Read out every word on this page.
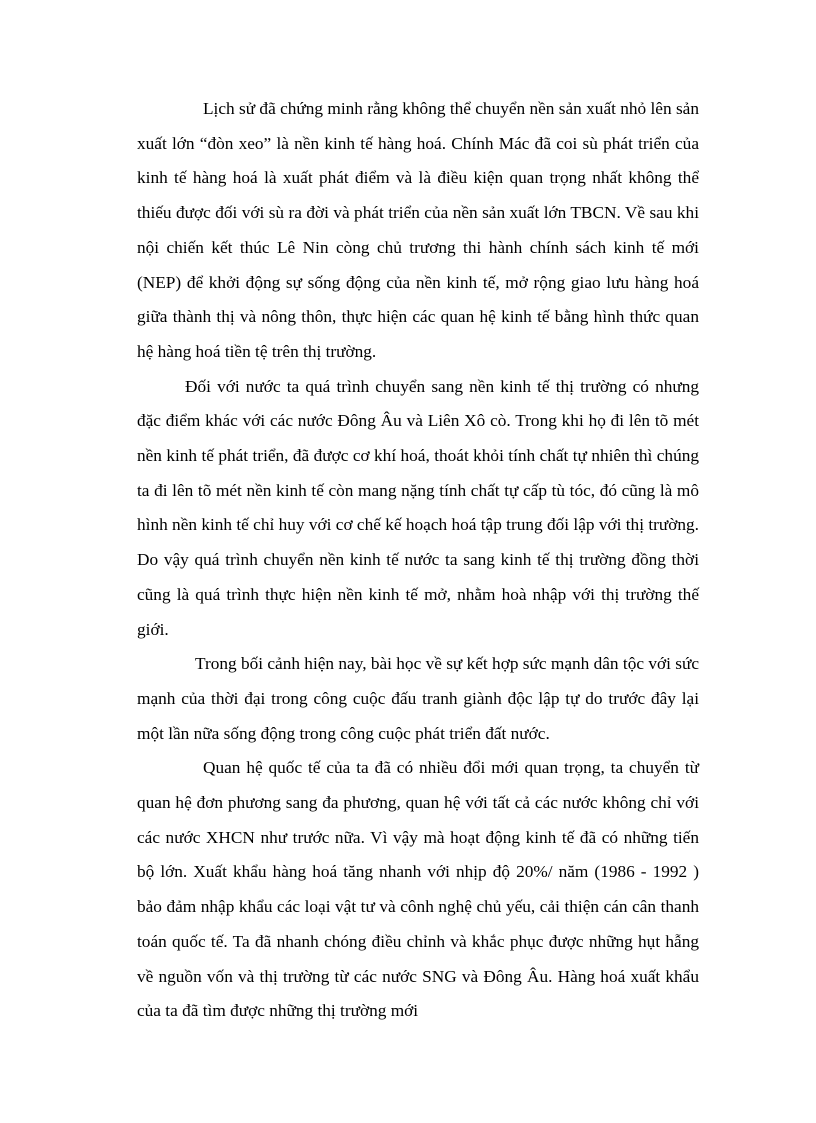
Lịch sử đã chứng minh rằng không thể chuyển nền sản xuất nhỏ lên sản xuất lớn “đòn xeo” là nền kinh tế hàng hoá. Chính Mác đã coi sù phát triển của kinh tế hàng hoá là xuất phát điểm và là điều kiện quan trọng nhất không thể thiếu được đối với sù ra đời và phát triển của nền sản xuất lớn TBCN. Về sau khi nội chiến kết thúc Lê Nin còng chủ trương thi hành chính sách kinh tế mới (NEP) để khởi động sự sống động của nền kinh tế, mở rộng giao lưu hàng hoá giữa thành thị và nông thôn, thực hiện các quan hệ kinh tế bằng hình thức quan hệ hàng hoá tiền tệ trên thị trường.

Đối với nước ta quá trình chuyển sang nền kinh tế thị trường có nhưng đặc điểm khác với các nước Đông Âu và Liên Xô cò. Trong khi họ đi lên tõ mét nền kinh tế phát triển, đã được cơ khí hoá, thoát khỏi tính chất tự nhiên thì chúng ta đi lên tõ mét nền kinh tế còn mang nặng tính chất tự cấp tù tóc, đó cũng là mô hình nền kinh tế chỉ huy với cơ chế kế hoạch hoá tập trung đối lập với thị trường. Do vậy quá trình chuyển nền kinh tế nước ta sang kinh tế thị trường đồng thời cũng là quá trình thực hiện nền kinh tế mở, nhằm hoà nhập với thị trường thế giới.

Trong bối cảnh hiện nay, bài học về sự kết hợp sức mạnh dân tộc với sức mạnh của thời đại trong công cuộc đấu tranh giành độc lập tự do trước đây lại một lần nữa sống động trong công cuộc phát triển đất nước.

Quan hệ quốc tế của ta đã có nhiều đổi mới quan trọng, ta chuyển từ quan hệ đơn phương sang đa phương, quan hệ với tất cả các nước không chỉ với các nước XHCN như trước nữa. Vì vậy mà hoạt động kinh tế đã có những tiến bộ lớn. Xuất khẩu hàng hoá tăng nhanh với nhịp độ 20%/ năm (1986 - 1992 ) bảo đảm nhập khẩu các loại vật tư và cônh nghệ chủ yếu, cải thiện cán cân thanh toán quốc tế. Ta đã nhanh chóng điều chỉnh và khắc phục được những hụt hẫng về nguồn vốn và thị trường từ các nước SNG và Đông Âu. Hàng hoá xuất khẩu của ta đã tìm được những thị trường mới
